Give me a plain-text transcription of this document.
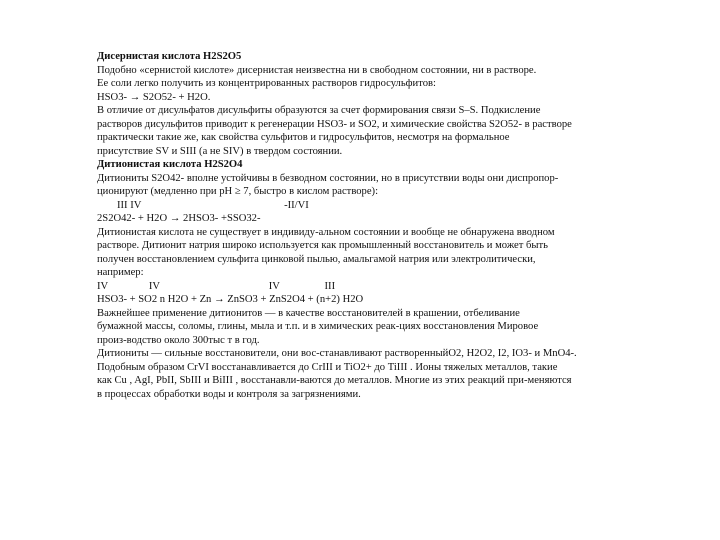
Дисернистая кислота H2S2O5
Подобно «сернистой кислоте» дисернистая неизвестна ни в свободном состоянии, ни в растворе.
Ее соли легко получить из концентрированных растворов гидросульфитов:
HSO3- → S2O52- + H2O.
В отличие от дисульфатов дисульфиты образуются за счет формирования связи S–S. Подкисление
растворов дисульфитов приводит к регенерации HSO3- и SO2, и химические свойства S2O52- в растворе
практически такие же, как свойства сульфитов и гидросульфитов, несмотря на формальное
присутствие SV и SIII (а не SIV) в твердом состоянии.
Дитионистая кислота H2S2O4
Дитиониты S2O42- вполне устойчивы в безводном состоянии, но в присутствии воды они диспропор-
ционируют (медленно при pH ≥ 7, быстро в кислом растворе):
III IV	-II/VI
2S2O42- + H2O → 2HSO3- +SSO32-
Дитионистая кислота не существует в индивиду-альном состоянии и вообще не обнаружена вводном
растворе. Дитионит натрия широко используется как промышленный восстановитель и может быть
получен восстановлением сульфита цинковой пылью, амальгамой натрия или электролитически,
например:
IV	IV	IV	III
HSO3- + SO2 n H2O + Zn → ZnSO3 + ZnS2O4 + (n+2) H2O
Важнейшее применение дитионитов — в качестве восстановителей в крашении, отбеливание
бумажной массы, соломы, глины, мыла и т.п. и в химических реак-циях восстановления Мировое
произ-водство около 300тыс т в год.
Дитиониты — сильные восстановители, они вос-станавливают растворенныйO2, H2O2, I2, IO3- и MnO4-.
Подобным образом CrVI восстанавливается до CrIII и TiO2+ до TiIII . Ионы тяжелых металлов, такие
как Cu , AgI, PbII, SbIII и BiIII , восстанавли-ваются до металлов. Многие из этих реакций при-меняются
в процессах обработки воды и контроля за загрязнениями.
